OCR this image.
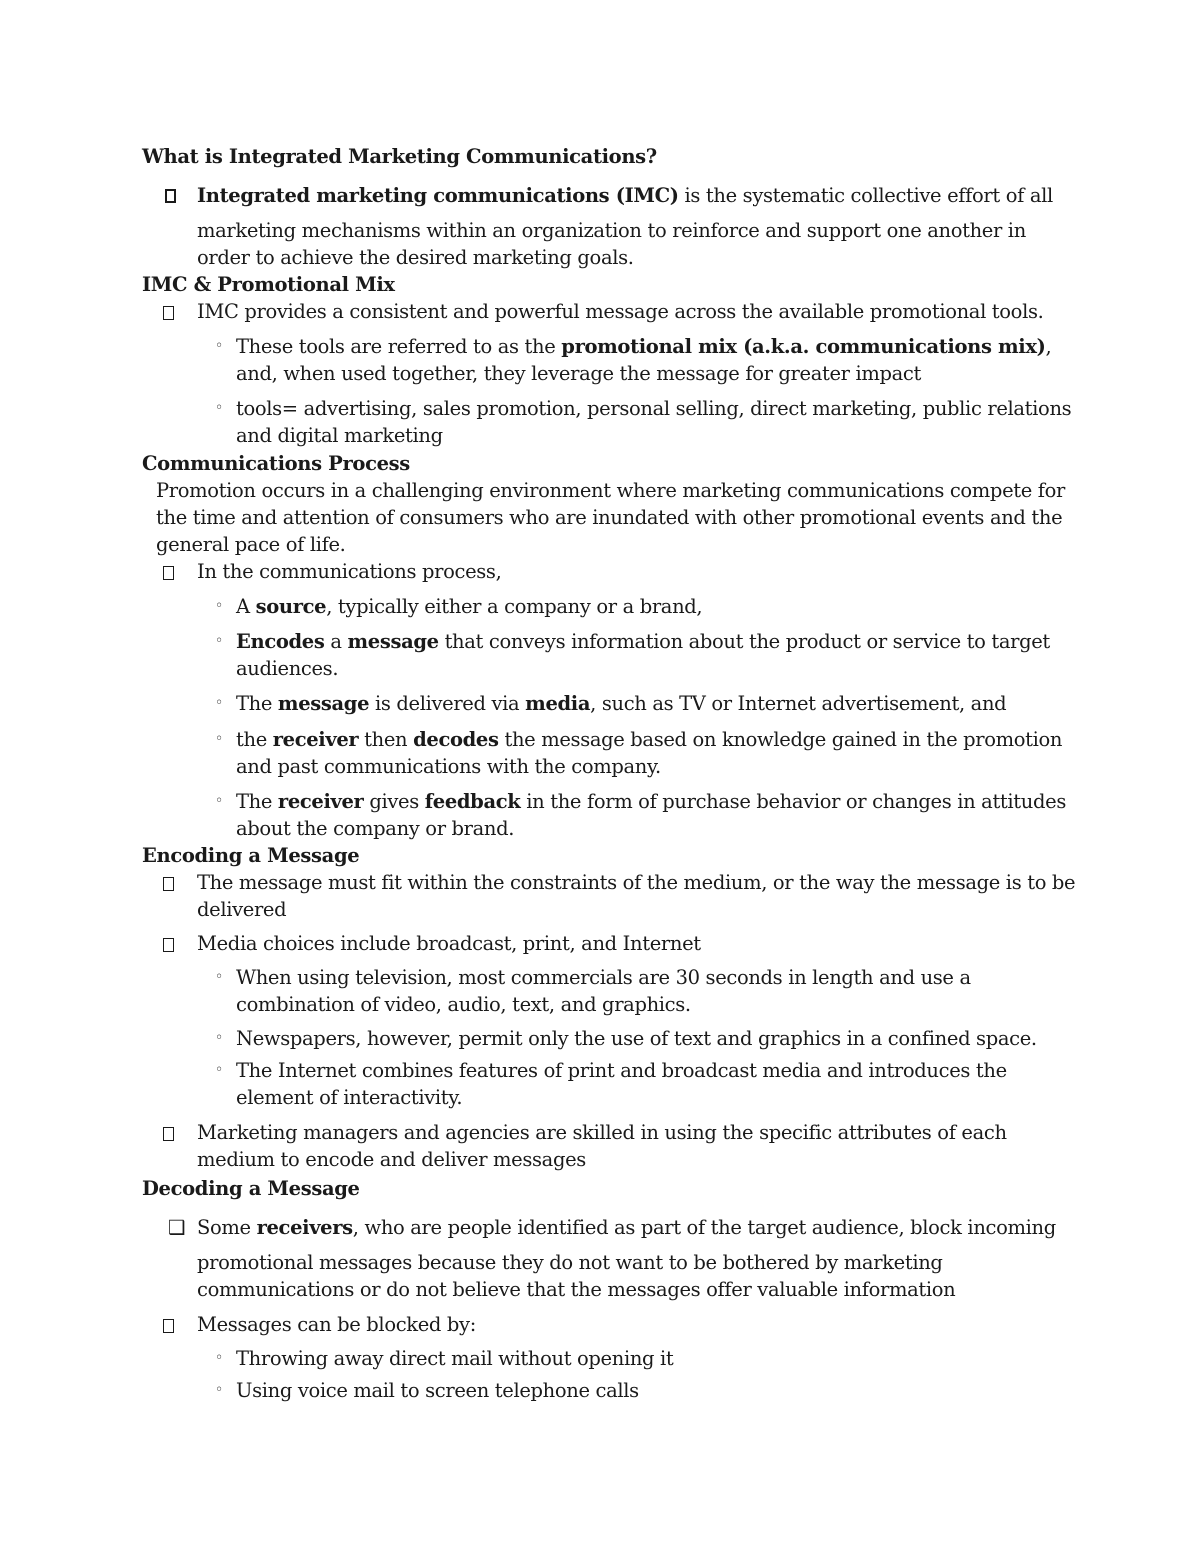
What is Integrated Marketing Communications?
Integrated marketing communications (IMC) is the systematic collective effort of all
marketing mechanisms within an organization to reinforce and support one another in
order to achieve the desired marketing goals.
IMC & Promotional Mix
IMC provides a consistent and powerful message across the available promotional tools.
◦ These tools are referred to as the promotional mix (a.k.a. communications mix),
and, when used together, they leverage the message for greater impact
◦ tools= advertising, sales promotion, personal selling, direct marketing, public relations
and digital marketing
Communications Process
Promotion occurs in a challenging environment where marketing communications compete for
the time and attention of consumers who are inundated with other promotional events and the
general pace of life.
In the communications process,
◦ A source, typically either a company or a brand,
◦ Encodes a message that conveys information about the product or service to target
audiences.
◦ The message is delivered via media, such as TV or Internet advertisement, and
◦ the receiver then decodes the message based on knowledge gained in the promotion
and past communications with the company.
◦ The receiver gives feedback in the form of purchase behavior or changes in attitudes
about the company or brand.
Encoding a Message
The message must fit within the constraints of the medium, or the way the message is to be
delivered
Media choices include broadcast, print, and Internet
◦ When using television, most commercials are 30 seconds in length and use a
combination of video, audio, text, and graphics.
◦ Newspapers, however, permit only the use of text and graphics in a confined space.
◦ The Internet combines features of print and broadcast media and introduces the
element of interactivity.
Marketing managers and agencies are skilled in using the specific attributes of each
medium to encode and deliver messages
Decoding a Message
❑ Some receivers, who are people identified as part of the target audience, block incoming
promotional messages because they do not want to be bothered by marketing
communications or do not believe that the messages offer valuable information
Messages can be blocked by:
◦ Throwing away direct mail without opening it
◦ Using voice mail to screen telephone calls
